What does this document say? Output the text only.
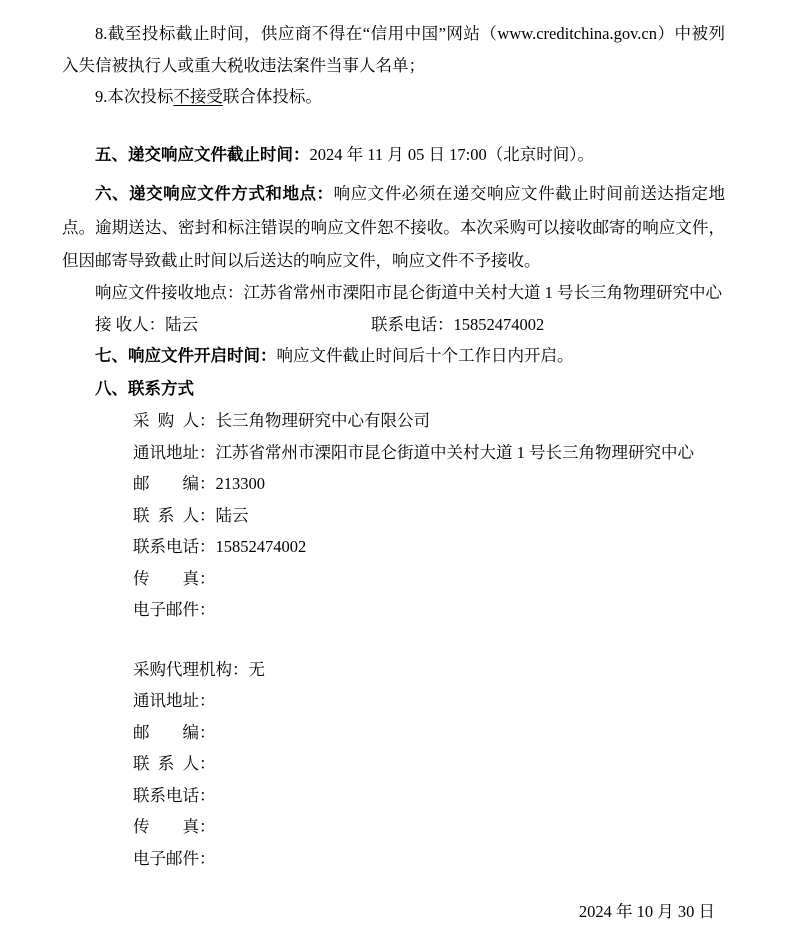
8.截至投标截止时间，供应商不得在“信用中国”网站（www.creditchina.gov.cn）中被列入失信被执行人或重大税收违法案件当事人名单；

9.本次投标不接受联合体投标。

五、递交响应文件截止时间：2024 年 11 月 05 日 17:00（北京时间）。

六、递交响应文件方式和地点：响应文件必须在递交响应文件截止时间前送达指定地点。逾期送达、密封和标注错误的响应文件恕不接收。本次采购可以接收邮寄的响应文件，但因邮寄导致截止时间以后送达的响应文件，响应文件不予接收。

响应文件接收地点：江苏省常州市溧阳市昆仑街道中关村大道 1 号长三角物理研究中心

接 收人：陆云	联系电话：15852474002

七、响应文件开启时间：响应文件截止时间后十个工作日内开启。

八、联系方式

采购人：长三角物理研究中心有限公司

通讯地址：江苏省常州市溧阳市昆仑街道中关村大道 1 号长三角物理研究中心

邮编：213300

联系人：陆云

联系电话：15852474002

传真：

电子邮件：

采购代理机构：无

通讯地址：

邮编：

联系人：

联系电话：

传真：

电子邮件：

2024 年 10 月 30 日
